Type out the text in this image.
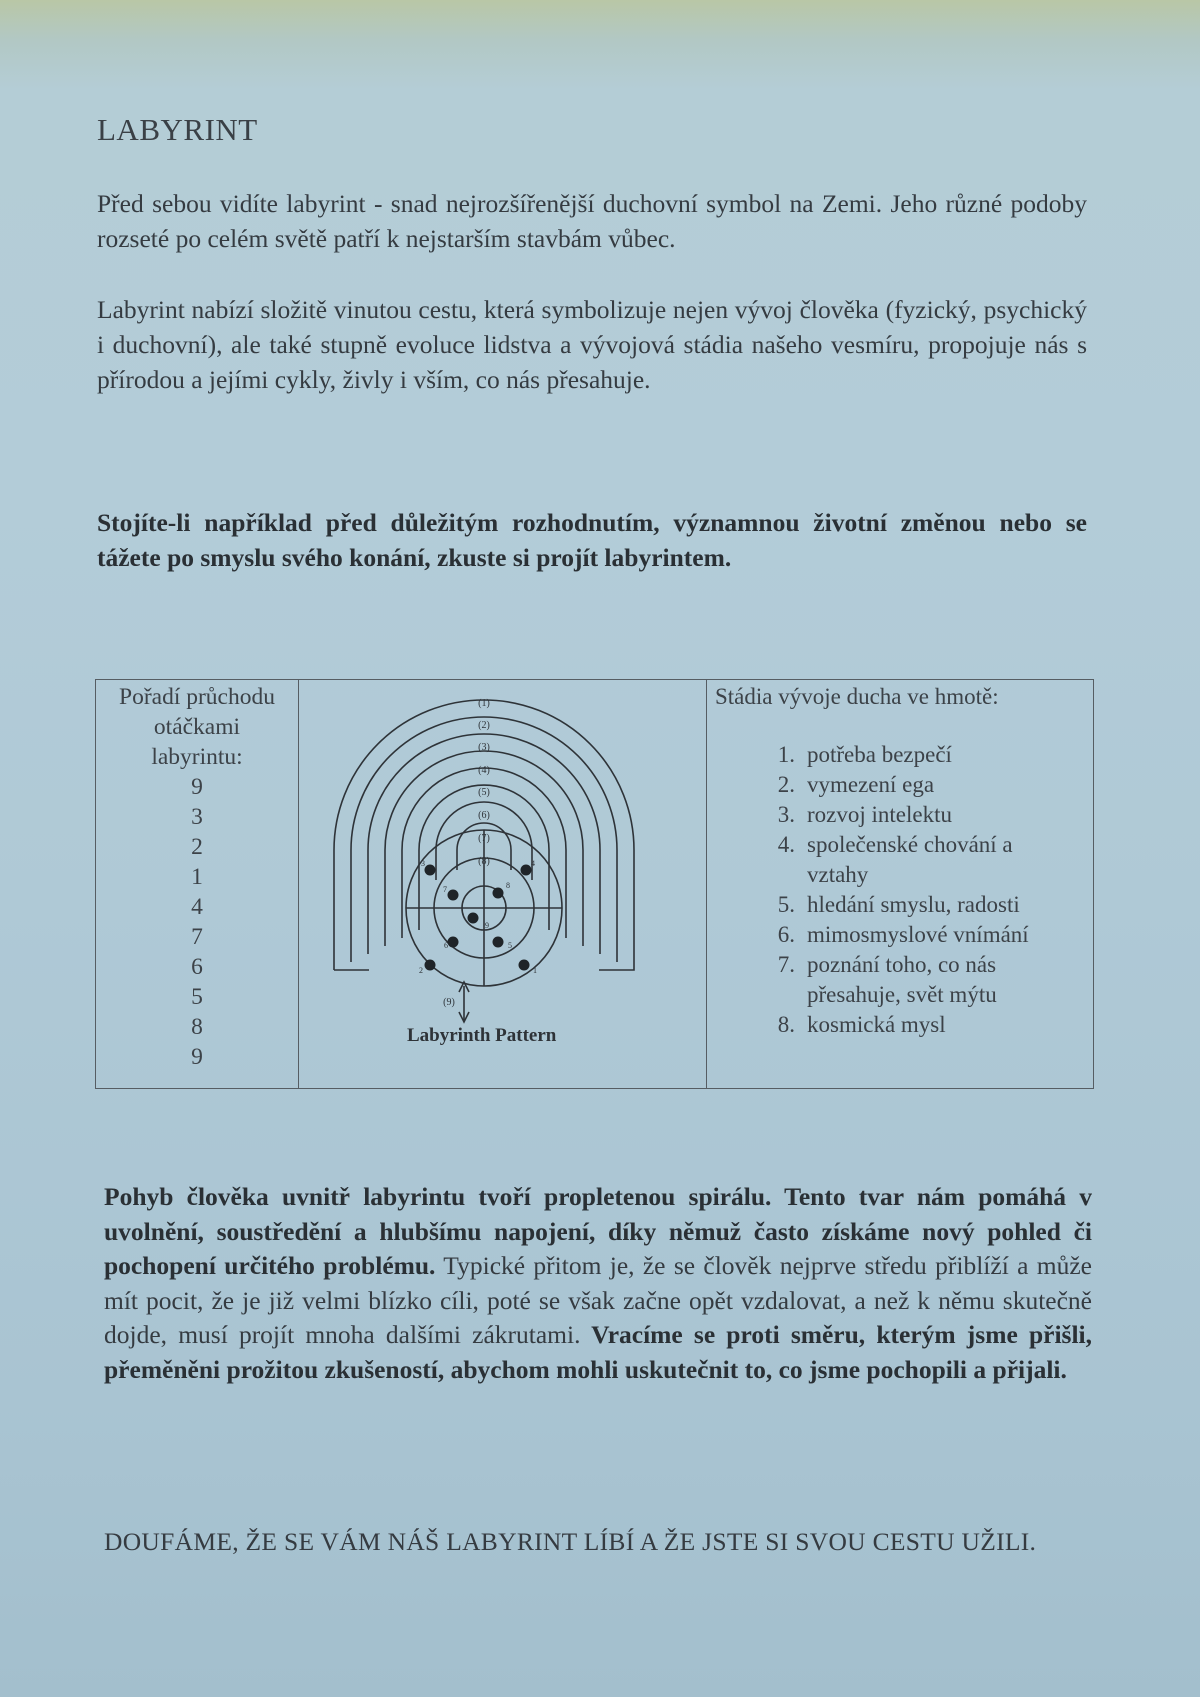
LABYRINT
Před sebou vidíte labyrint - snad nejrozšířenější duchovní symbol na Zemi. Jeho různé podoby rozseté po celém světě patří k nejstarším stavbám vůbec.
Labyrint nabízí složitě vinutou cestu, která symbolizuje nejen vývoj člověka (fyzický, psychický i duchovní), ale také stupně evoluce lidstva a vývojová stádia našeho vesmíru, propojuje nás s přírodou a jejími cykly, živly i vším, co nás přesahuje.
Stojíte-li například před důležitým rozhodnutím, významnou životní změnou nebo se tážete po smyslu svého konání, zkuste si projít labyrintem.
Pořadí průchodu
otáčkami
labyrintu:
9
3
2
1
4
7
6
5
8
9

(1)
(2)
(3)
(4)
(5)
(6)
(7)
(8)
(9)
1
2
3	4
5
6
7	8
9
Labyrinth Pattern

Stádia vývoje ducha ve hmotě:
1. potřeba bezpečí
2. vymezení ega
3. rozvoj intelektu
4. společenské chování a
vztahy
5. hledání smyslu, radosti
6. mimosmyslové vnímání
7. poznání toho, co nás
přesahuje, svět mýtu
8. kosmická mysl
Pohyb člověka uvnitř labyrintu tvoří propletenou spirálu. Tento tvar nám pomáhá v uvolnění, soustředění a hlubšímu napojení, díky němuž často získáme nový pohled či pochopení určitého problému. Typické přitom je, že se člověk nejprve středu přiblíží a může mít pocit, že je již velmi blízko cíli, poté se však začne opět vzdalovat, a než k němu skutečně dojde, musí projít mnoha dalšími zákrutami. Vracíme se proti směru, kterým jsme přišli, přeměněni prožitou zkušeností, abychom mohli uskutečnit to, co jsme pochopili a přijali.
DOUFÁME, ŽE SE VÁM NÁŠ LABYRINT LÍBÍ A ŽE JSTE SI SVOU CESTU UŽILI.
